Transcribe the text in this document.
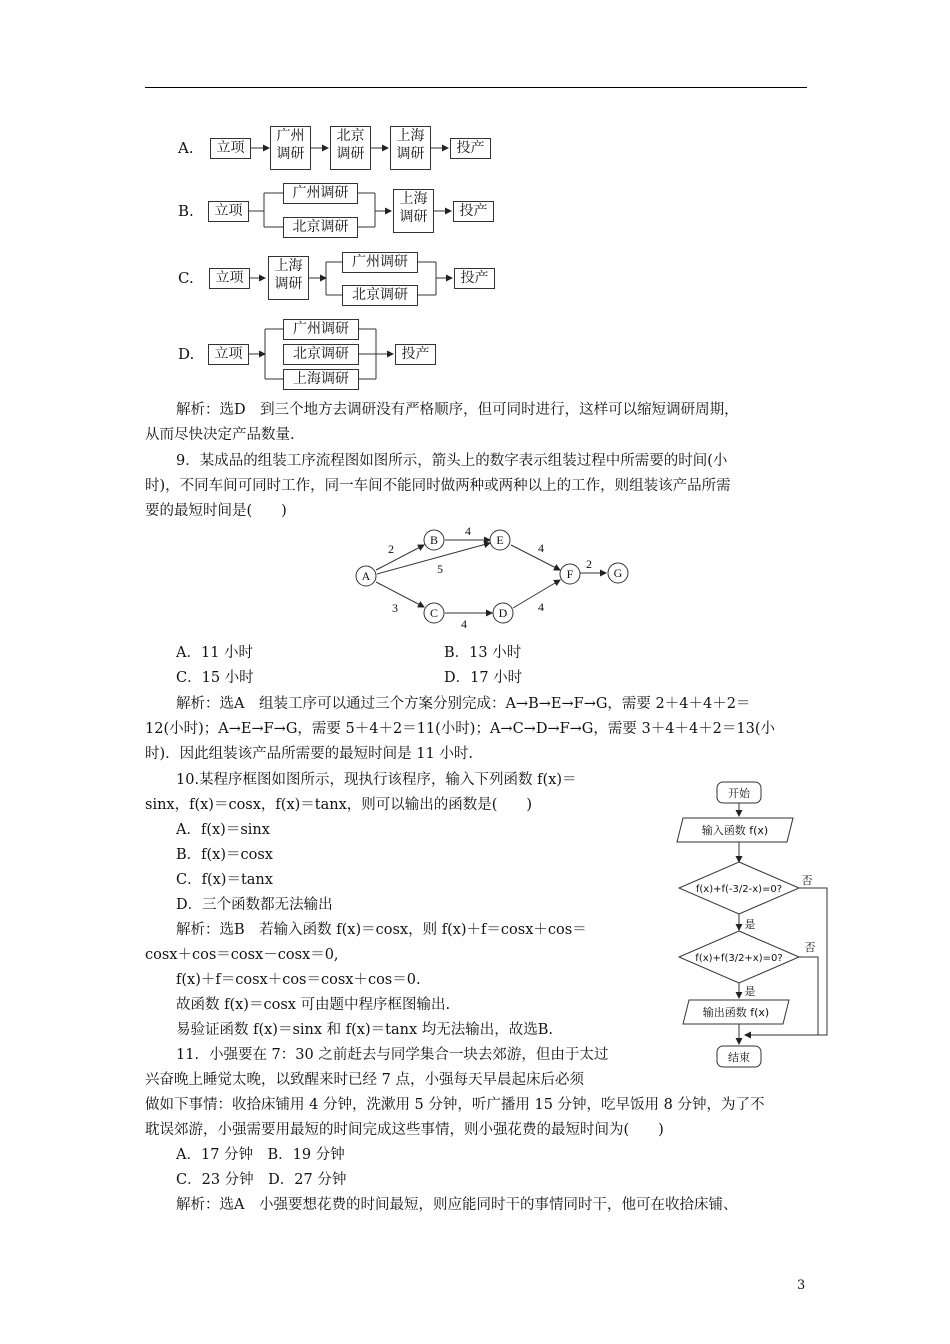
A.
B.
C.
D.
立项
广州
调研
北京
调研
上海
调研	投产
立项
广州调研
北京调研
上海
调研	投产
立项
上海
调研
广州调研
北京调研
投产
立项
广州调研
北京调研
上海调研
投产
解析：选D　到三个地方去调研没有严格顺序，但可同时进行，这样可以缩短调研周期，
从而尽快决定产品数量.
9．某成品的组装工序流程图如图所示，箭头上的数字表示组装过程中所需要的时间(小
时)，不同车间可同时工作，同一车间不能同时做两种或两种以上的工作，则组装该产品所需
要的最短时间是(　　)
A
B
C	D
E
F	G
2
4
5
4
2
3
4
4
A．11 小时	B．13 小时
C．15 小时	D．17 小时
解析：选A　组装工序可以通过三个方案分别完成：A→B→E→F→G，需要 2＋4＋4＋2＝
12(小时)；A→E→F→G，需要 5＋4＋2＝11(小时)；A→C→D→F→G，需要 3＋4＋4＋2＝13(小
时)．因此组装该产品所需要的最短时间是 11 小时.
10.某程序框图如图所示，现执行该程序，输入下列函数 f(x)＝
sinx，f(x)＝cosx，f(x)＝tanx，则可以输出的函数是(　　)
A．f(x)＝sinx
B．f(x)＝cosx
C．f(x)＝tanx
D．三个函数都无法输出
解析：选B　若输入函数 f(x)＝cosx，则 f(x)＋f＝cosx＋cos＝
cosx＋cos＝cosx－cosx＝0,
f(x)＋f＝cosx＋cos＝cosx＋cos＝0.
故函数 f(x)＝cosx 可由题中程序框图输出.
易验证函数 f(x)＝sinx 和 f(x)＝tanx 均无法输出，故选B.
开始
输入函数 f(x)
f(x)+f(-3/2-x)=0?
f(x)+f(3/2+x)=0?
输出函数 f(x)
结束
是
是
否
否
11．小强要在 7：30 之前赶去与同学集合一块去郊游，但由于太过
兴奋晚上睡觉太晚，以致醒来时已经 7 点，小强每天早晨起床后必须
做如下事情：收拾床铺用 4 分钟，洗漱用 5 分钟，听广播用 15 分钟，吃早饭用 8 分钟，为了不
耽误郊游，小强需要用最短的时间完成这些事情，则小强花费的最短时间为(　　)
A．17 分钟　B．19 分钟
C．23 分钟　D．27 分钟
解析：选A　小强要想花费的时间最短，则应能同时干的事情同时干，他可在收拾床铺、
3
